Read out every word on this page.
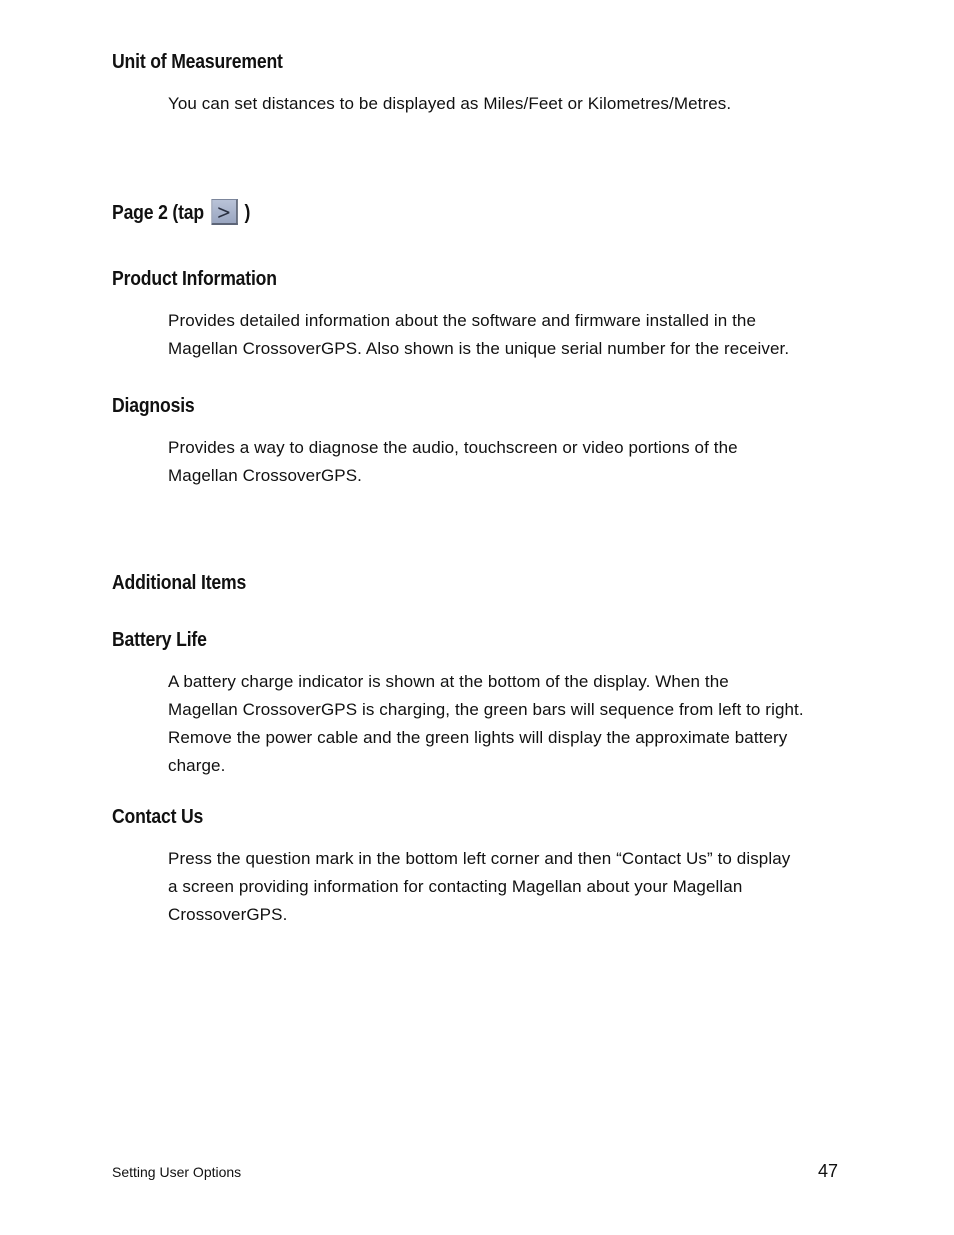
Unit of Measurement

You can set distances to be displayed as Miles/Feet or Kilometres/Metres.

Page 2 (tap > )
Product Information

Provides detailed information about the software and firmware installed in the
Magellan CrossoverGPS. Also shown is the unique serial number for the receiver.

Diagnosis

Provides a way to diagnose the audio, touchscreen or video portions of the
Magellan CrossoverGPS.

Additional Items
Battery Life

A battery charge indicator is shown at the bottom of the display. When the
Magellan CrossoverGPS is charging, the green bars will sequence from left to right.
Remove the power cable and the green lights will display the approximate battery
charge.

Contact Us

Press the question mark in the bottom left corner and then “Contact Us” to display
a screen providing information for contacting Magellan about your Magellan
CrossoverGPS.

Setting User Options	47
